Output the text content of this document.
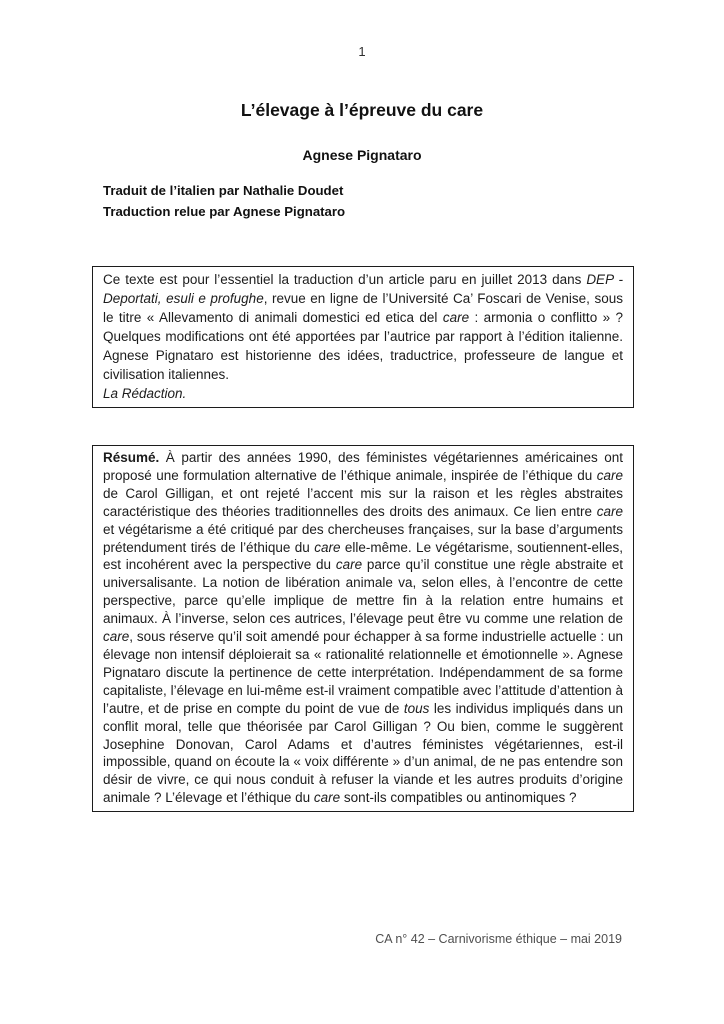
1
L’élevage à l’épreuve du care
Agnese Pignataro
Traduit de l’italien par Nathalie Doudet
Traduction relue par Agnese Pignataro

Ce texte est pour l’essentiel la traduction d’un article paru en juillet 2013 dans DEP - Deportati, esuli e profughe, revue en ligne de l’Université Ca’ Foscari de Venise, sous le titre « Allevamento di animali domestici ed etica del care : armonia o conflitto » ? Quelques modifications ont été apportées par l’autrice par rapport à l’édition italienne. Agnese Pignataro est historienne des idées, traductrice, professeure de langue et civilisation italiennes.

La Rédaction.

Résumé. À partir des années 1990, des féministes végétariennes américaines ont proposé une formulation alternative de l’éthique animale, inspirée de l’éthique du care de Carol Gilligan, et ont rejeté l’accent mis sur la raison et les règles abstraites caractéristique des théories traditionnelles des droits des animaux. Ce lien entre care et végétarisme a été critiqué par des chercheuses françaises, sur la base d’arguments prétendument tirés de l’éthique du care elle-même. Le végétarisme, soutiennent-elles, est incohérent avec la perspective du care parce qu’il constitue une règle abstraite et universalisante. La notion de libération animale va, selon elles, à l’encontre de cette perspective, parce qu’elle implique de mettre fin à la relation entre humains et animaux. À l’inverse, selon ces autrices, l’élevage peut être vu comme une relation de care, sous réserve qu’il soit amendé pour échapper à sa forme industrielle actuelle : un élevage non intensif déploierait sa « rationalité relationnelle et émotionnelle ». Agnese Pignataro discute la pertinence de cette interprétation. Indépendamment de sa forme capitaliste, l’élevage en lui-même est-il vraiment compatible avec l’attitude d’attention à l’autre, et de prise en compte du point de vue de tous les individus impliqués dans un conflit moral, telle que théorisée par Carol Gilligan ? Ou bien, comme le suggèrent Josephine Donovan, Carol Adams et d’autres féministes végétariennes, est-il impossible, quand on écoute la « voix différente » d’un animal, de ne pas entendre son désir de vivre, ce qui nous conduit à refuser la viande et les autres produits d’origine animale ? L’élevage et l’éthique du care sont-ils compatibles ou antinomiques ?

CA n° 42 – Carnivorisme éthique – mai 2019
